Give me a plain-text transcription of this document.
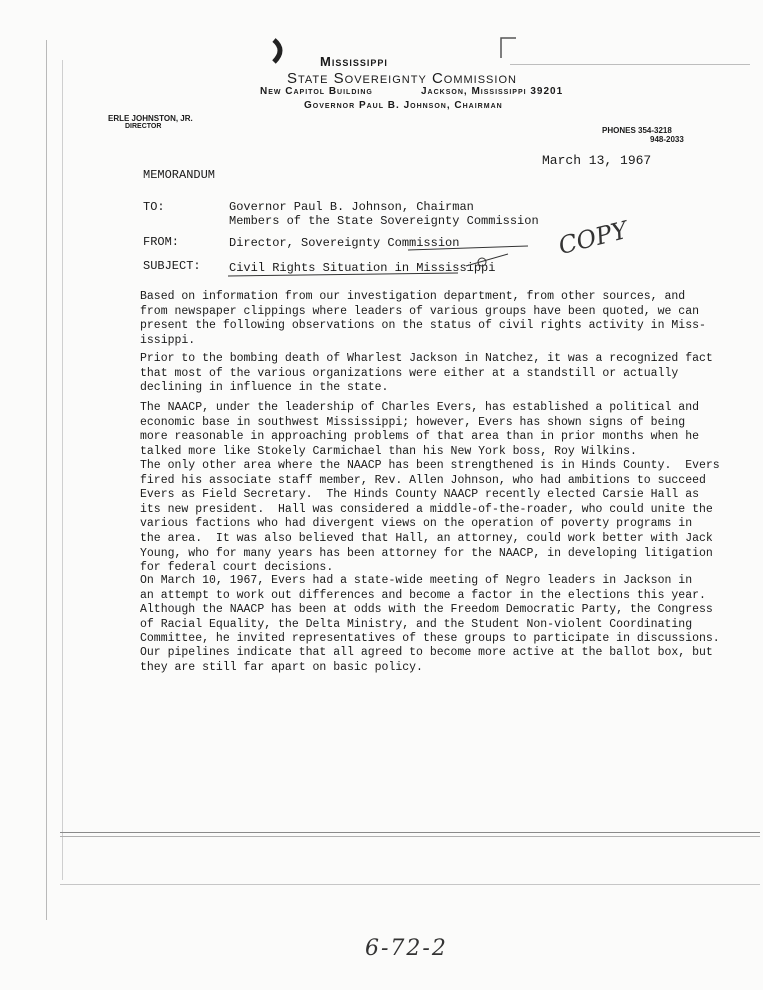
Mississippi
State Sovereignty Commission
New Capitol Building	Jackson, Mississippi 39201
Governor Paul B. Johnson, Chairman
ERLE JOHNSTON, JR.
DIRECTOR	PHONES 354-3218
948-2033
March 13, 1967
MEMORANDUM
TO:	Governor Paul B. Johnson, Chairman
Members of the State Sovereignty Commission
FROM:	Director, Sovereignty Commission
SUBJECT: Civil Rights Situation in Mississippi
COPY
Based on information from our investigation department, from other sources, and
from newspaper clippings where leaders of various groups have been quoted, we can
present the following observations on the status of civil rights activity in Miss-
issippi.
Prior to the bombing death of Wharlest Jackson in Natchez, it was a recognized fact
that most of the various organizations were either at a standstill or actually
declining in influence in the state.
The NAACP, under the leadership of Charles Evers, has established a political and
economic base in southwest Mississippi; however, Evers has shown signs of being
more reasonable in approaching problems of that area than in prior months when he
talked more like Stokely Carmichael than his New York boss, Roy Wilkins.
The only other area where the NAACP has been strengthened is in Hinds County.  Evers
fired his associate staff member, Rev. Allen Johnson, who had ambitions to succeed
Evers as Field Secretary.  The Hinds County NAACP recently elected Carsie Hall as
its new president.  Hall was considered a middle-of-the-roader, who could unite the
various factions who had divergent views on the operation of poverty programs in
the area.  It was also believed that Hall, an attorney, could work better with Jack
Young, who for many years has been attorney for the NAACP, in developing litigation
for federal court decisions.
On March 10, 1967, Evers had a state-wide meeting of Negro leaders in Jackson in
an attempt to work out differences and become a factor in the elections this year.
Although the NAACP has been at odds with the Freedom Democratic Party, the Congress
of Racial Equality, the Delta Ministry, and the Student Non-violent Coordinating
Committee, he invited representatives of these groups to participate in discussions.
Our pipelines indicate that all agreed to become more active at the ballot box, but
they are still far apart on basic policy.
6-72-2
